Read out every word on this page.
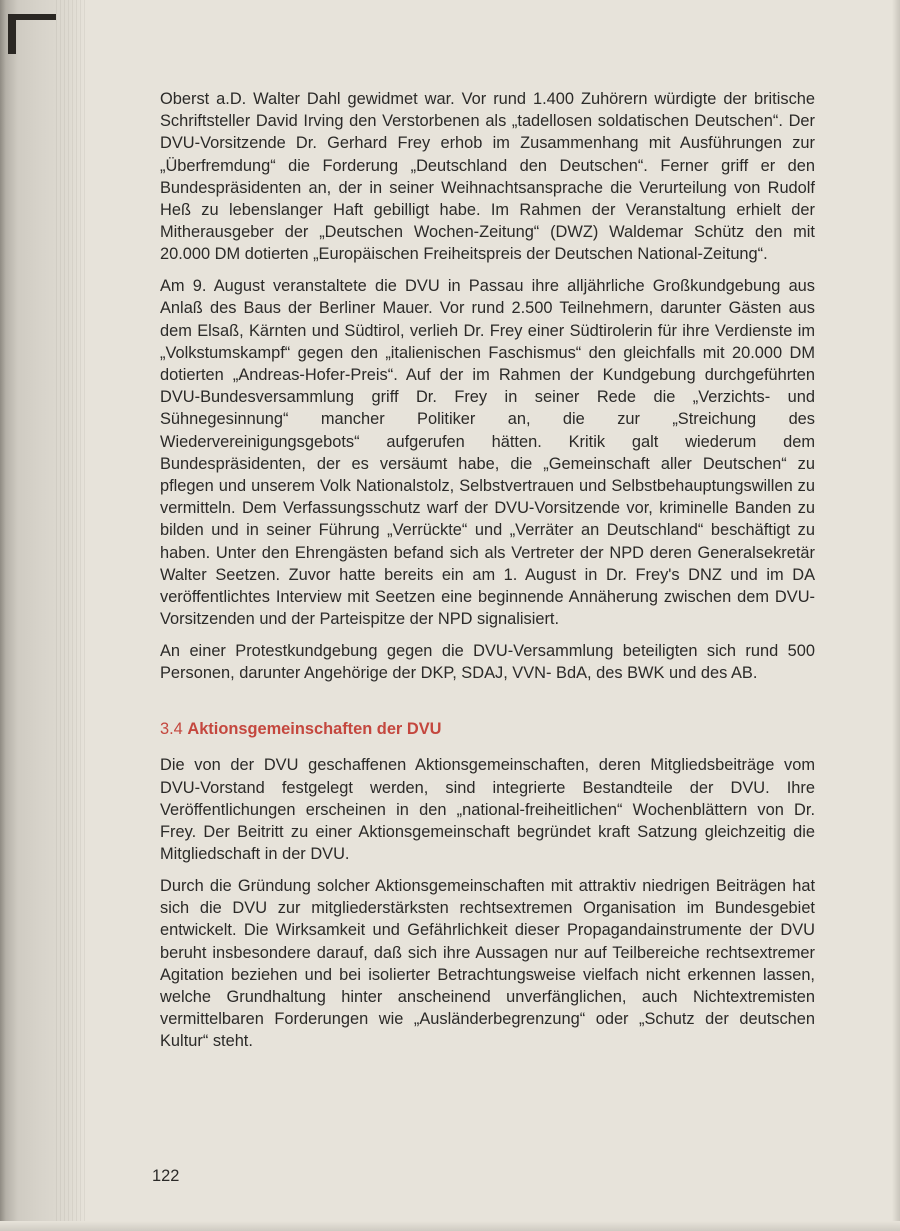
Oberst a.D. Walter Dahl gewidmet war. Vor rund 1.400 Zuhörern würdigte der britische Schriftsteller David Irving den Verstorbenen als „tadellosen soldatischen Deutschen“. Der DVU-Vorsitzende Dr. Gerhard Frey erhob im Zusammenhang mit Ausführungen zur „Überfremdung“ die Forderung „Deutschland den Deutschen“. Ferner griff er den Bundespräsidenten an, der in seiner Weihnachtsansprache die Verurteilung von Rudolf Heß zu lebenslanger Haft gebilligt habe. Im Rahmen der Veranstaltung erhielt der Mitherausgeber der „Deutschen Wochen-Zeitung“ (DWZ) Waldemar Schütz den mit 20.000 DM dotierten „Europäischen Freiheitspreis der Deutschen National-Zeitung“.

Am 9. August veranstaltete die DVU in Passau ihre alljährliche Großkundgebung aus Anlaß des Baus der Berliner Mauer. Vor rund 2.500 Teilnehmern, darunter Gästen aus dem Elsaß, Kärnten und Südtirol, verlieh Dr. Frey einer Südtirolerin für ihre Verdienste im „Volkstumskampf“ gegen den „italienischen Faschismus“ den gleichfalls mit 20.000 DM dotierten „Andreas-Hofer-Preis“. Auf der im Rahmen der Kundgebung durchgeführten DVU-Bundesversammlung griff Dr. Frey in seiner Rede die „Verzichts- und Sühnegesinnung“ mancher Politiker an, die zur „Streichung des Wiedervereinigungsgebots“ aufgerufen hätten. Kritik galt wiederum dem Bundespräsidenten, der es versäumt habe, die „Gemeinschaft aller Deutschen“ zu pflegen und unserem Volk Nationalstolz, Selbstvertrauen und Selbstbehauptungswillen zu vermitteln. Dem Verfassungsschutz warf der DVU-Vorsitzende vor, kriminelle Banden zu bilden und in seiner Führung „Verrückte“ und „Verräter an Deutschland“ beschäftigt zu haben. Unter den Ehrengästen befand sich als Vertreter der NPD deren Generalsekretär Walter Seetzen. Zuvor hatte bereits ein am 1. August in Dr. Frey's DNZ und im DA veröffentlichtes Interview mit Seetzen eine beginnende Annäherung zwischen dem DVU-Vorsitzenden und der Parteispitze der NPD signalisiert.

An einer Protestkundgebung gegen die DVU-Versammlung beteiligten sich rund 500 Personen, darunter Angehörige der DKP, SDAJ, VVN- BdA, des BWK und des AB.

3.4 Aktionsgemeinschaften der DVU

Die von der DVU geschaffenen Aktionsgemeinschaften, deren Mitgliedsbeiträge vom DVU-Vorstand festgelegt werden, sind integrierte Bestandteile der DVU. Ihre Veröffentlichungen erscheinen in den „national-freiheitlichen“ Wochenblättern von Dr. Frey. Der Beitritt zu einer Aktionsgemeinschaft begründet kraft Satzung gleichzeitig die Mitgliedschaft in der DVU.

Durch die Gründung solcher Aktionsgemeinschaften mit attraktiv niedrigen Beiträgen hat sich die DVU zur mitgliederstärksten rechtsextremen Organisation im Bundesgebiet entwickelt. Die Wirksamkeit und Gefährlichkeit dieser Propagandainstrumente der DVU beruht insbesondere darauf, daß sich ihre Aussagen nur auf Teilbereiche rechtsextremer Agitation beziehen und bei isolierter Betrachtungsweise vielfach nicht erkennen lassen, welche Grundhaltung hinter anscheinend unverfänglichen, auch Nichtextremisten vermittelbaren Forderungen wie „Ausländerbegrenzung“ oder „Schutz der deutschen Kultur“ steht.

122
